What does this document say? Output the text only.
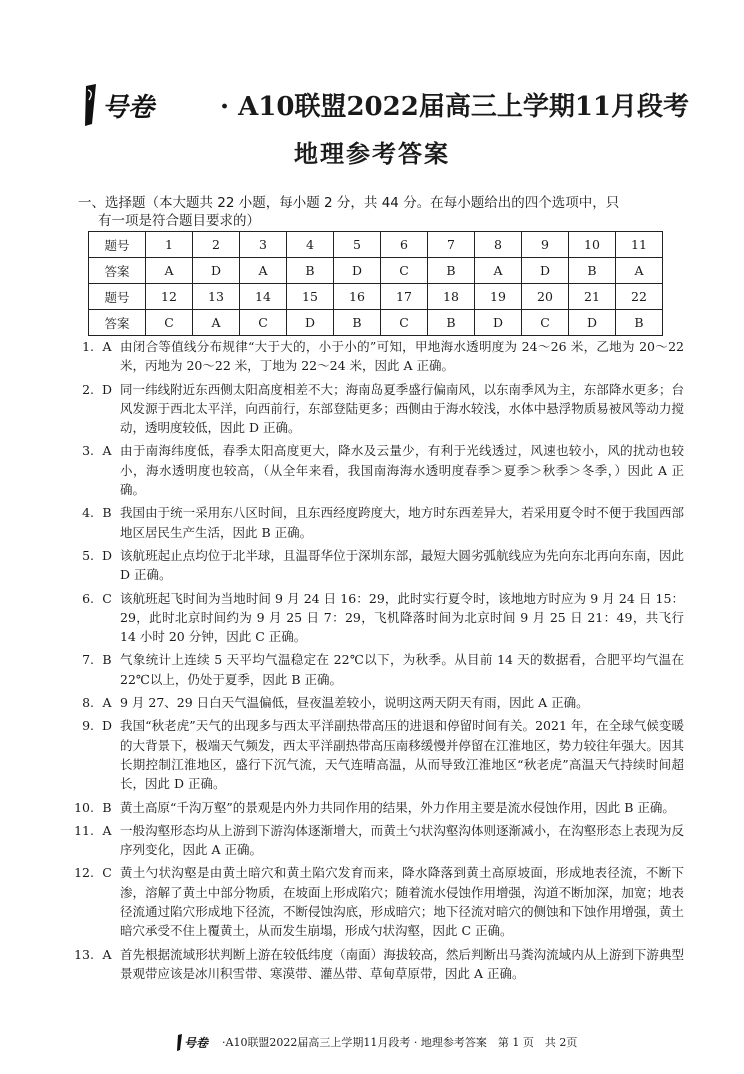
号卷	· A10联盟2022届高三上学期11月段考
地理参考答案
一、选择题（本大题共 22 小题，每小题 2 分，共 44 分。在每小题给出的四个选项中，只
有一项是符合题目要求的）
题号	1	2	3	4	5	6	7	8	9	10	11
答案	A	D	A	B	D	C	B	A	D	B	A
题号	12	13	14	15	16	17	18	19	20	21	22
答案	C	A	C	D	B	C	B	D	C	D	B
1. A 由闭合等值线分布规律“大于大的，小于小的”可知，甲地海水透明度为 24～26 米，乙地为 20～22 米，丙地为 20～22 米，丁地为 22～24 米，因此 A 正确。
2. D 同一纬线附近东西侧太阳高度相差不大；海南岛夏季盛行偏南风，以东南季风为主，东部降水更多；台风发源于西北太平洋，向西前行，东部登陆更多；西侧由于海水较浅，水体中悬浮物质易被风等动力搅动，透明度较低，因此 D 正确。
3. A 由于南海纬度低，春季太阳高度更大，降水及云量少，有利于光线透过，风速也较小，风的扰动也较小，海水透明度也较高，（从全年来看，我国南海海水透明度春季＞夏季＞秋季＞冬季，）因此 A 正确。
4. B 我国由于统一采用东八区时间，且东西经度跨度大，地方时东西差异大，若采用夏令时不便于我国西部地区居民生产生活，因此 B 正确。
5. D 该航班起止点均位于北半球，且温哥华位于深圳东部，最短大圆劣弧航线应为先向东北再向东南，因此 D 正确。
6. C 该航班起飞时间为当地时间 9 月 24 日 16：29，此时实行夏令时，该地地方时应为 9 月 24 日 15：29，此时北京时间约为 9 月 25 日 7：29，飞机降落时间为北京时间 9 月 25 日 21：49，共飞行 14 小时 20 分钟，因此 C 正确。
7. B 气象统计上连续 5 天平均气温稳定在 22℃以下，为秋季。从目前 14 天的数据看，合肥平均气温在 22℃以上，仍处于夏季，因此 B 正确。
8. A 9 月 27、29 日白天气温偏低，昼夜温差较小，说明这两天阴天有雨，因此 A 正确。
9. D 我国“秋老虎”天气的出现多与西太平洋副热带高压的进退和停留时间有关。2021 年，在全球气候变暖的大背景下，极端天气频发，西太平洋副热带高压南移缓慢并停留在江淮地区，势力较往年强大。因其长期控制江淮地区，盛行下沉气流，天气连晴高温，从而导致江淮地区“秋老虎”高温天气持续时间超长，因此 D 正确。
10. B 黄土高原“千沟万壑”的景观是内外力共同作用的结果，外力作用主要是流水侵蚀作用，因此 B 正确。
11. A 一般沟壑形态均从上游到下游沟体逐渐增大，而黄土勺状沟壑沟体则逐渐减小，在沟壑形态上表现为反序列变化，因此 A 正确。
12. C 黄土勺状沟壑是由黄土暗穴和黄土陷穴发育而来，降水降落到黄土高原坡面，形成地表径流，不断下渗，溶解了黄土中部分物质，在坡面上形成陷穴；随着流水侵蚀作用增强，沟道不断加深，加宽；地表径流通过陷穴形成地下径流，不断侵蚀沟底，形成暗穴；地下径流对暗穴的侧蚀和下蚀作用增强，黄土暗穴承受不住上覆黄土，从而发生崩塌，形成勺状沟壑，因此 C 正确。
13. A 首先根据流域形状判断上游在较低纬度（南面）海拔较高，然后判断出马粪沟流域内从上游到下游典型景观带应该是冰川积雪带、寒漠带、灌丛带、草甸草原带，因此 A 正确。
号卷 ·A10联盟2022届高三上学期11月段考 · 地理参考答案　第 1 页　共 2页
